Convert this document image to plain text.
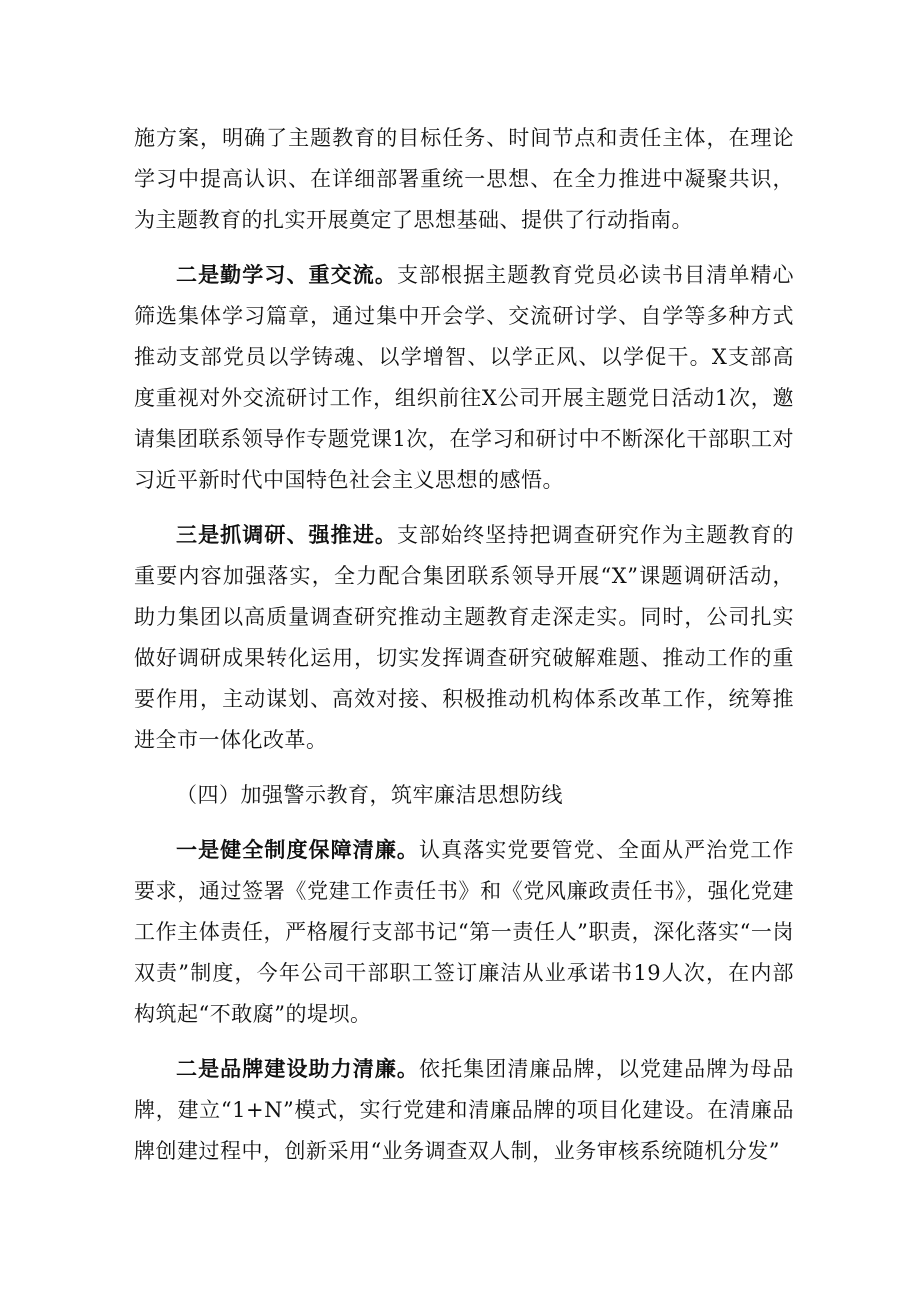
施方案，明确了主题教育的目标任务、时间节点和责任主体，在理论学习中提高认识、在详细部署重统一思想、在全力推进中凝聚共识，为主题教育的扎实开展奠定了思想基础、提供了行动指南。

二是勤学习、重交流。支部根据主题教育党员必读书目清单精心筛选集体学习篇章，通过集中开会学、交流研讨学、自学等多种方式推动支部党员以学铸魂、以学增智、以学正风、以学促干。X支部高度重视对外交流研讨工作，组织前往X公司开展主题党日活动1次，邀请集团联系领导作专题党课1次，在学习和研讨中不断深化干部职工对习近平新时代中国特色社会主义思想的感悟。

三是抓调研、强推进。支部始终坚持把调查研究作为主题教育的重要内容加强落实，全力配合集团联系领导开展“X”课题调研活动，助力集团以高质量调查研究推动主题教育走深走实。同时，公司扎实做好调研成果转化运用，切实发挥调查研究破解难题、推动工作的重要作用，主动谋划、高效对接、积极推动机构体系改革工作，统筹推进全市一体化改革。

（四）加强警示教育，筑牢廉洁思想防线

一是健全制度保障清廉。认真落实党要管党、全面从严治党工作要求，通过签署《党建工作责任书》和《党风廉政责任书》，强化党建工作主体责任，严格履行支部书记“第一责任人”职责，深化落实“一岗双责”制度，今年公司干部职工签订廉洁从业承诺书19人次，在内部构筑起“不敢腐”的堤坝。

二是品牌建设助力清廉。依托集团清廉品牌，以党建品牌为母品牌，建立“1+N”模式，实行党建和清廉品牌的项目化建设。在清廉品牌创建过程中，创新采用“业务调查双人制，业务审核系统随机分发”
